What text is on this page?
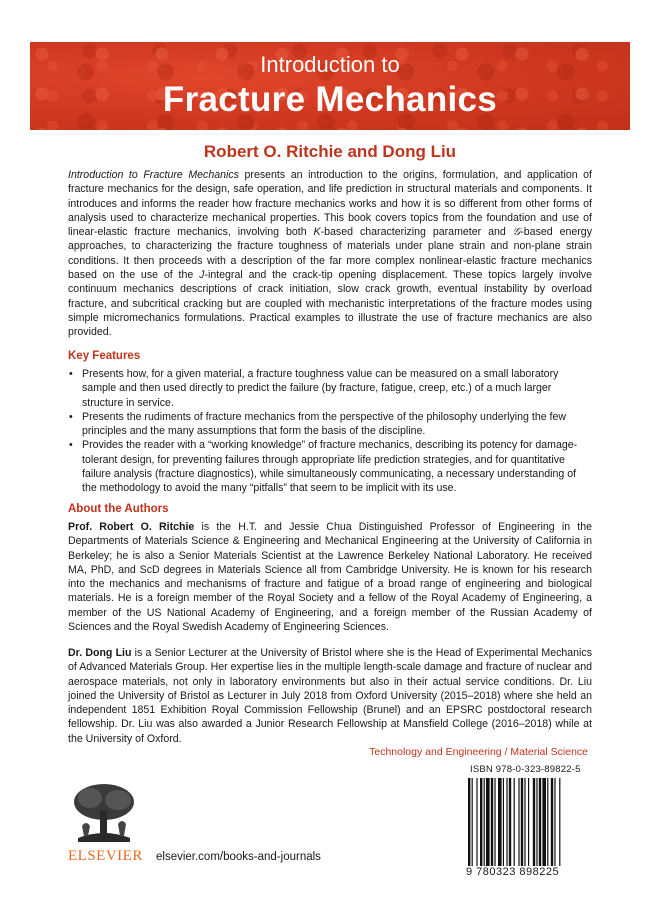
Introduction to
Fracture Mechanics
Robert O. Ritchie and Dong Liu
Introduction to Fracture Mechanics presents an introduction to the origins, formulation, and application of fracture mechanics for the design, safe operation, and life prediction in structural materials and components. It introduces and informs the reader how fracture mechanics works and how it is so different from other forms of analysis used to characterize mechanical properties. This book covers topics from the foundation and use of linear-elastic fracture mechanics, involving both K-based characterizing parameter and 𝒢-based energy approaches, to characterizing the fracture toughness of materials under plane strain and non-plane strain conditions. It then proceeds with a description of the far more complex nonlinear-elastic fracture mechanics based on the use of the J-integral and the crack-tip opening displacement. These topics largely involve continuum mechanics descriptions of crack initiation, slow crack growth, eventual instability by overload fracture, and subcritical cracking but are coupled with mechanistic interpretations of the fracture modes using simple micromechanics formulations. Practical examples to illustrate the use of fracture mechanics are also provided.
Key Features
• Presents how, for a given material, a fracture toughness value can be measured on a small laboratory sample and then used directly to predict the failure (by fracture, fatigue, creep, etc.) of a much larger structure in service.
• Presents the rudiments of fracture mechanics from the perspective of the philosophy underlying the few principles and the many assumptions that form the basis of the discipline.
• Provides the reader with a “working knowledge” of fracture mechanics, describing its potency for damage-tolerant design, for preventing failures through appropriate life prediction strategies, and for quantitative failure analysis (fracture diagnostics), while simultaneously communicating, a necessary understanding of the methodology to avoid the many “pitfalls” that seem to be implicit with its use.
About the Authors
Prof. Robert O. Ritchie is the H.T. and Jessie Chua Distinguished Professor of Engineering in the Departments of Materials Science & Engineering and Mechanical Engineering at the University of California in Berkeley; he is also a Senior Materials Scientist at the Lawrence Berkeley National Laboratory. He received MA, PhD, and ScD degrees in Materials Science all from Cambridge University. He is known for his research into the mechanics and mechanisms of fracture and fatigue of a broad range of engineering and biological materials. He is a foreign member of the Royal Society and a fellow of the Royal Academy of Engineering, a member of the US National Academy of Engineering, and a foreign member of the Russian Academy of Sciences and the Royal Swedish Academy of Engineering Sciences.
Dr. Dong Liu is a Senior Lecturer at the University of Bristol where she is the Head of Experimental Mechanics of Advanced Materials Group. Her expertise lies in the multiple length-scale damage and fracture of nuclear and aerospace materials, not only in laboratory environments but also in their actual service conditions. Dr. Liu joined the University of Bristol as Lecturer in July 2018 from Oxford University (2015–2018) where she held an independent 1851 Exhibition Royal Commission Fellowship (Brunel) and an EPSRC postdoctoral research fellowship. Dr. Liu was also awarded a Junior Research Fellowship at Mansfield College (2016–2018) while at the University of Oxford.
Technology and Engineering / Material Science
ISBN 978-0-323-89822-5
9 780323 898225
ELSEVIER elsevier.com/books-and-journals
